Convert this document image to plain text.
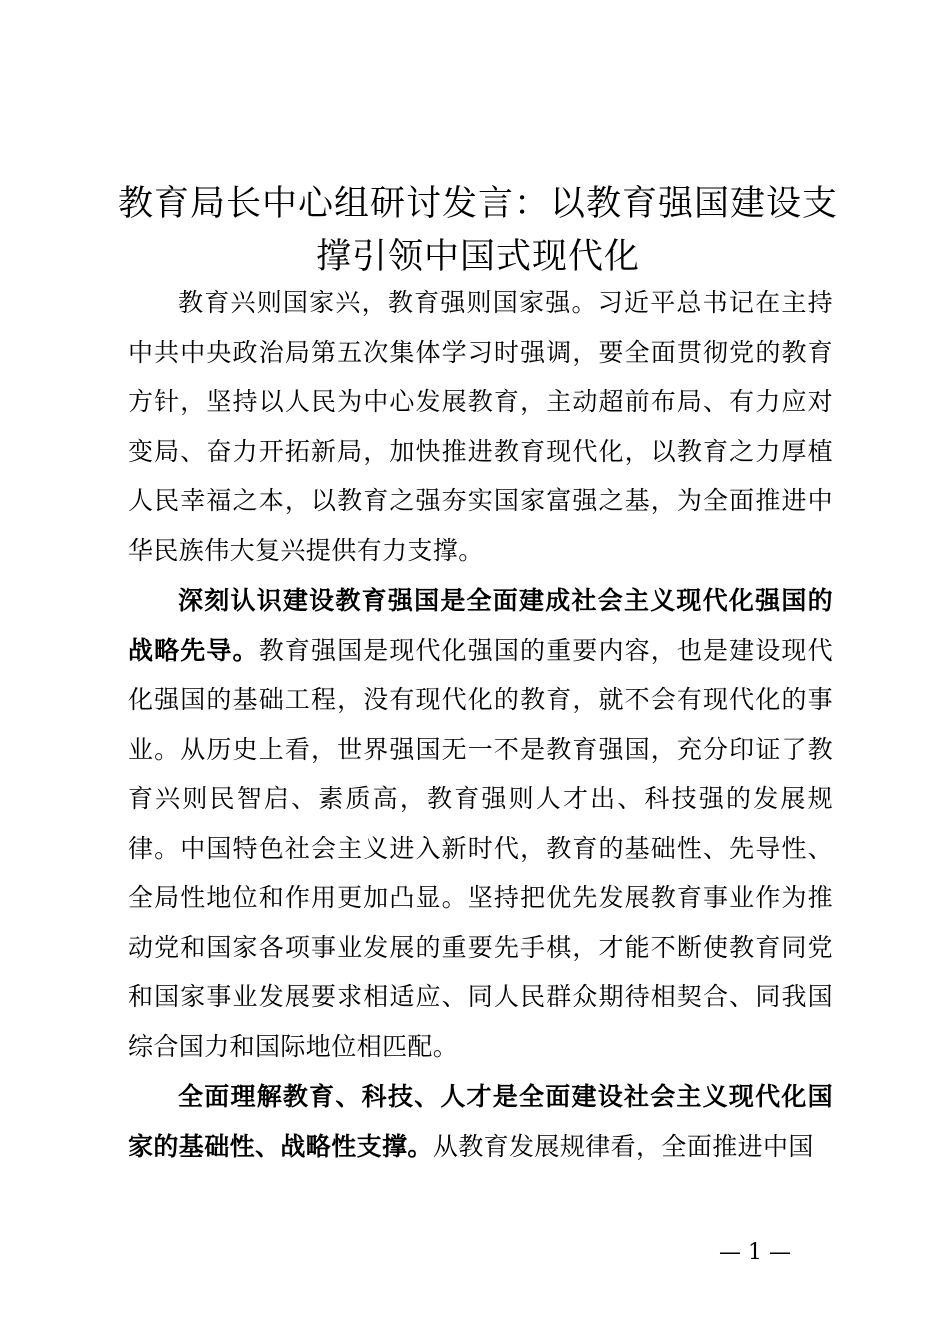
教育局长中心组研讨发言：以教育强国建设支撑引领中国式现代化

教育兴则国家兴，教育强则国家强。习近平总书记在主持中共中央政治局第五次集体学习时强调，要全面贯彻党的教育方针，坚持以人民为中心发展教育，主动超前布局、有力应对变局、奋力开拓新局，加快推进教育现代化，以教育之力厚植人民幸福之本，以教育之强夯实国家富强之基，为全面推进中华民族伟大复兴提供有力支撑。

深刻认识建设教育强国是全面建成社会主义现代化强国的战略先导。教育强国是现代化强国的重要内容，也是建设现代化强国的基础工程，没有现代化的教育，就不会有现代化的事业。从历史上看，世界强国无一不是教育强国，充分印证了教育兴则民智启、素质高，教育强则人才出、科技强的发展规律。中国特色社会主义进入新时代，教育的基础性、先导性、全局性地位和作用更加凸显。坚持把优先发展教育事业作为推动党和国家各项事业发展的重要先手棋，才能不断使教育同党和国家事业发展要求相适应、同人民群众期待相契合、同我国综合国力和国际地位相匹配。

全面理解教育、科技、人才是全面建设社会主义现代化国家的基础性、战略性支撑。从教育发展规律看，全面推进中国

— 1 —
